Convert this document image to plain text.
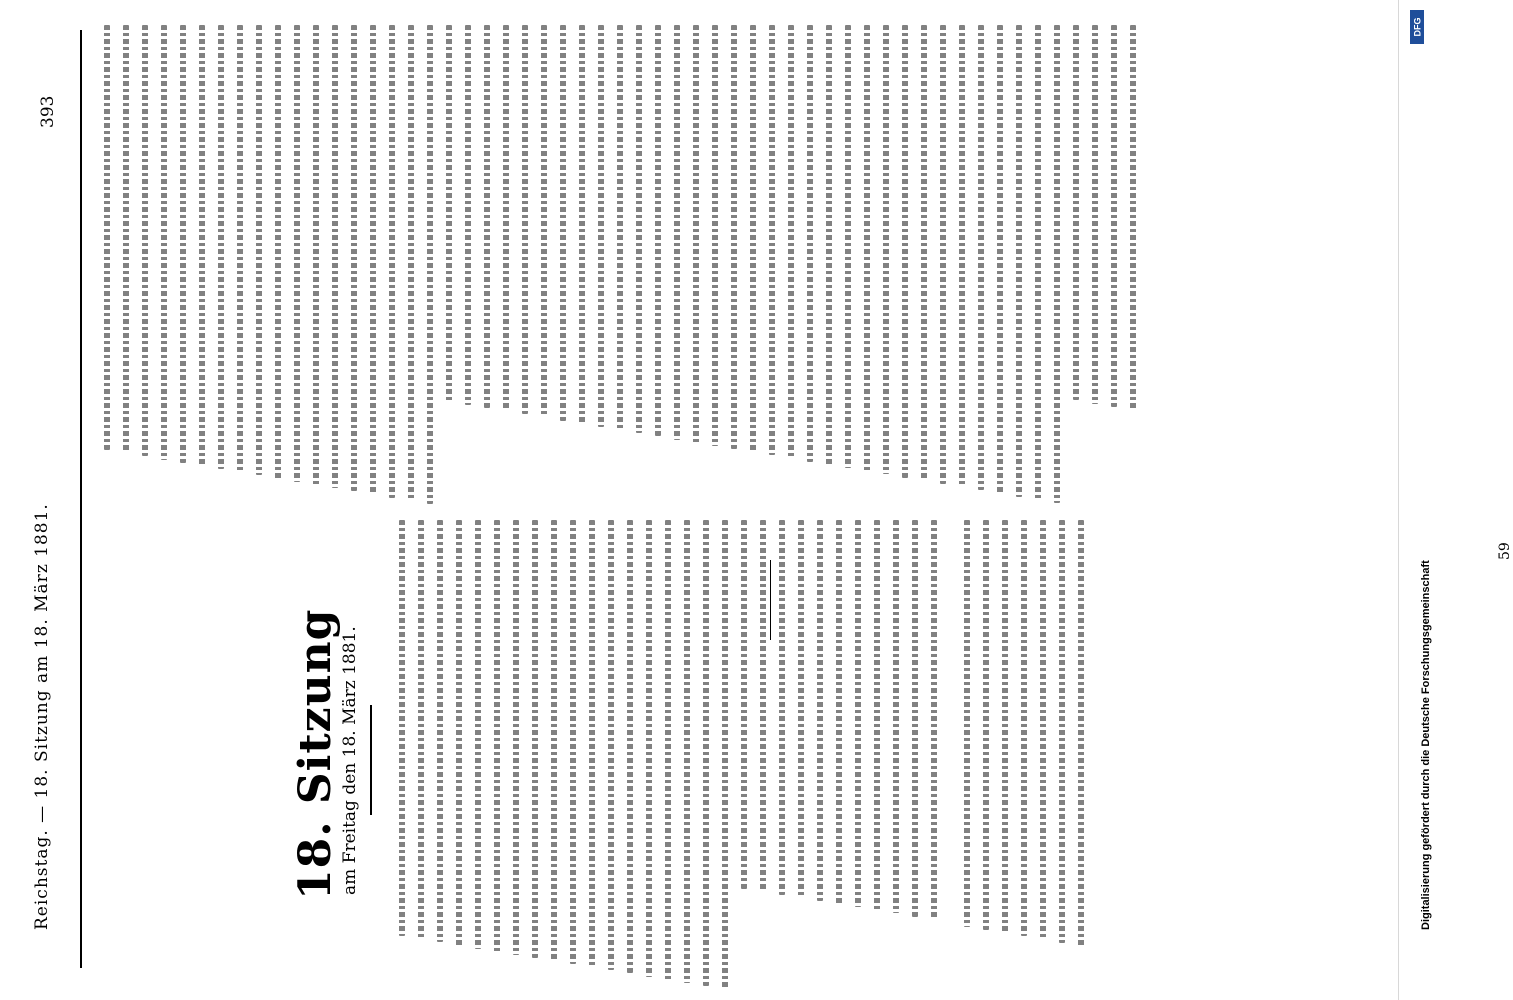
Reichstag. — 18. Sitzung am 18. März 1881.
393
18. Sitzung am Freitag den 18. März 1881.
59
Digitalisierung gefördert durch die Deutsche Forschungsgemeinschaft
DFG
